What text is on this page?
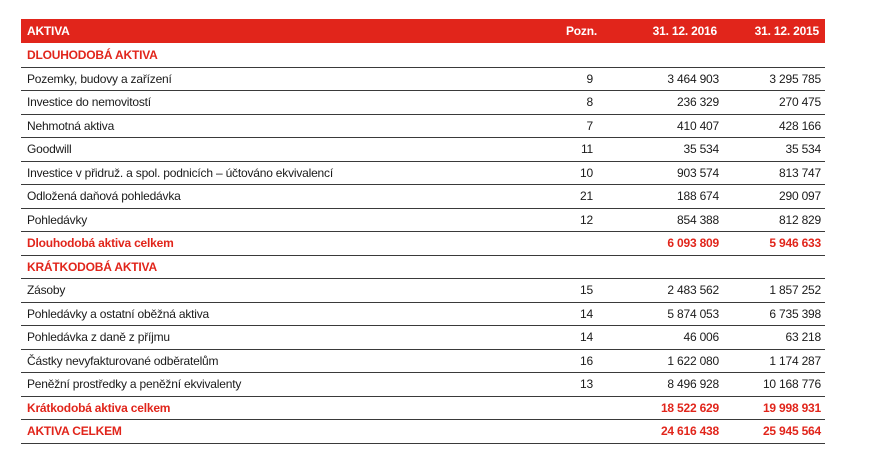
AKTIVA	Pozn.	31. 12. 2016	31. 12. 2015
DLOUHODOBÁ AKTIVA			
Pozemky, budovy a zařízení	9	3 464 903	3 295 785
Investice do nemovitostí	8	236 329	270 475
Nehmotná aktiva	7	410 407	428 166
Goodwill	11	35 534	35 534
Investice v přidruž. a spol. podnicích – účtováno ekvivalencí	10	903 574	813 747
Odložená daňová pohledávka	21	188 674	290 097
Pohledávky	12	854 388	812 829
Dlouhodobá aktiva celkem		6 093 809	5 946 633
KRÁTKODOBÁ AKTIVA			
Zásoby	15	2 483 562	1 857 252
Pohledávky a ostatní oběžná aktiva	14	5 874 053	6 735 398
Pohledávka z daně z příjmu	14	46 006	63 218
Částky nevyfakturované odběratelům	16	1 622 080	1 174 287
Peněžní prostředky a peněžní ekvivalenty	13	8 496 928	10 168 776
Krátkodobá aktiva celkem		18 522 629	19 998 931
AKTIVA CELKEM		24 616 438	25 945 564
